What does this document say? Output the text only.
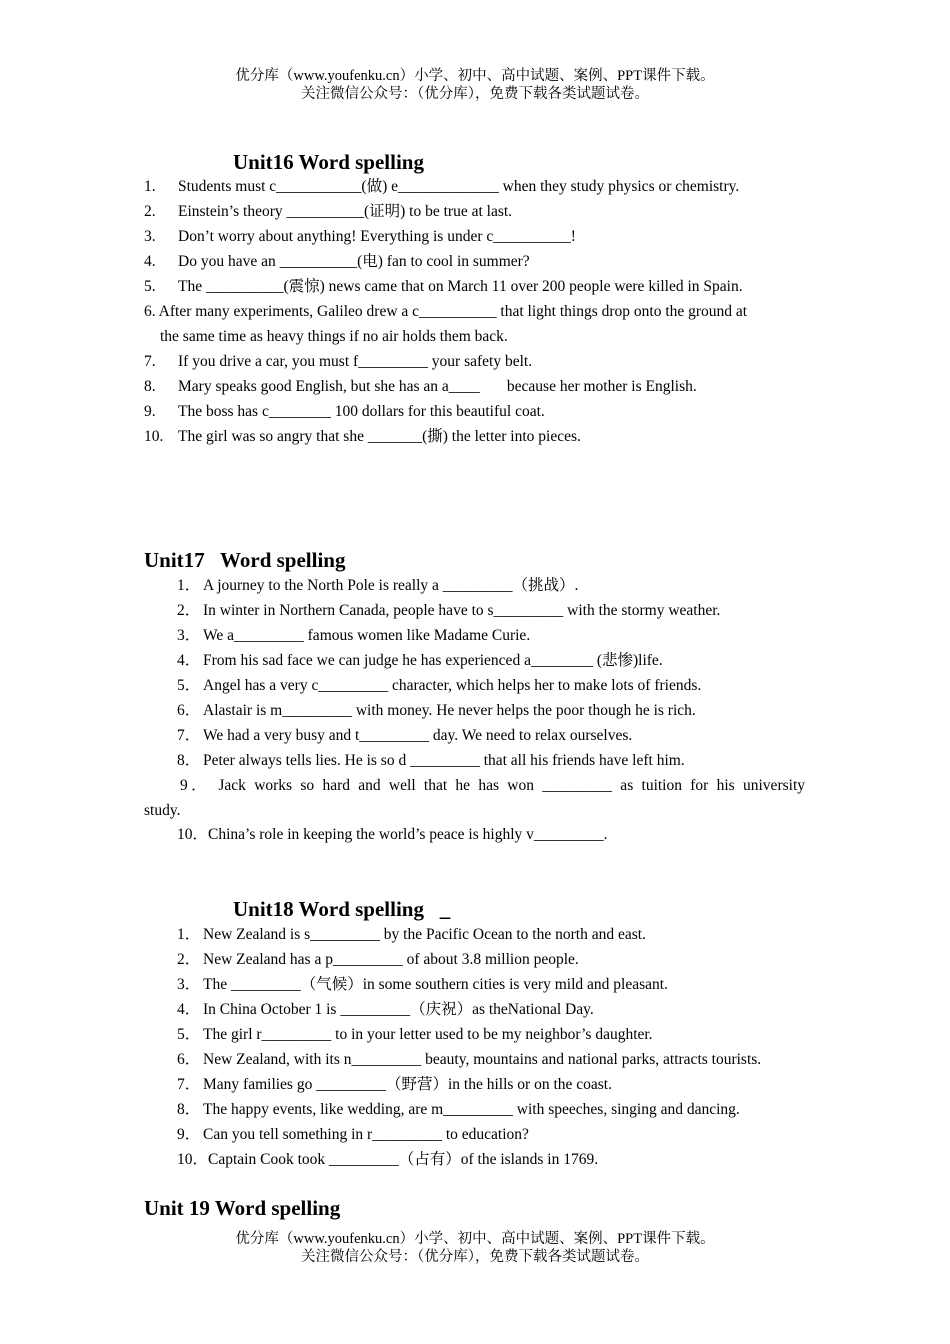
优分库（www.youfenku.cn）小学、初中、高中试题、案例、PPT课件下载。
关注微信公众号：（优分库），免费下载各类试题试卷。
Unit16 Word spelling
1. Students must c___________(做) e_____________ when they study physics or chemistry.
2. Einstein’s theory __________(证明) to be true at last.
3. Don’t worry about anything! Everything is under c__________!
4. Do you have an __________(电) fan to cool in summer?
5. The __________(震惊) news came that on March 11 over 200 people were killed in Spain.
6. After many experiments, Galileo drew a c__________ that light things drop onto the ground at
the same time as heavy things if no air holds them back.
7. If you drive a car, you must f_________ your safety belt.
8. Mary speaks good English, but she has an a____       because her mother is English.
9. The boss has c________ 100 dollars for this beautiful coat.
10. The girl was so angry that she _______(撕) the letter into pieces.
Unit17   Word spelling
1． A journey to the North Pole is really a _________（挑战）.
2． In winter in Northern Canada, people have to s_________ with the stormy weather.
3． We a_________ famous women like Madame Curie.
4． From his sad face we can judge he has experienced a________ (悲惨)life.
5． Angel has a very c_________ character, which helps her to make lots of friends.
6． Alastair is m_________ with money. He never helps the poor though he is rich.
7． We had a very busy and t_________ day. We need to relax ourselves.
8． Peter always tells lies. He is so d _________ that all his friends have left him.
9． Jack works so hard and well that he has won _________ as tuition for his university
study.
10．China’s role in keeping the world’s peace is highly v_________.
Unit18 Word spelling   _
1． New Zealand is s_________ by the Pacific Ocean to the north and east.
2． New Zealand has a p_________ of about 3.8 million people.
3． The _________（气候）in some southern cities is very mild and pleasant.
4． In China October 1 is _________（庆祝）as theNational Day.
5． The girl r_________ to in your letter used to be my neighbor’s daughter.
6． New Zealand, with its n_________ beauty, mountains and national parks, attracts tourists.
7． Many families go _________（野营）in the hills or on the coast.
8． The happy events, like wedding, are m_________ with speeches, singing and dancing.
9． Can you tell something in r_________ to education?
10．Captain Cook took _________（占有）of the islands in 1769.
Unit 19 Word spelling
优分库（www.youfenku.cn）小学、初中、高中试题、案例、PPT课件下载。
关注微信公众号：（优分库），免费下载各类试题试卷。
